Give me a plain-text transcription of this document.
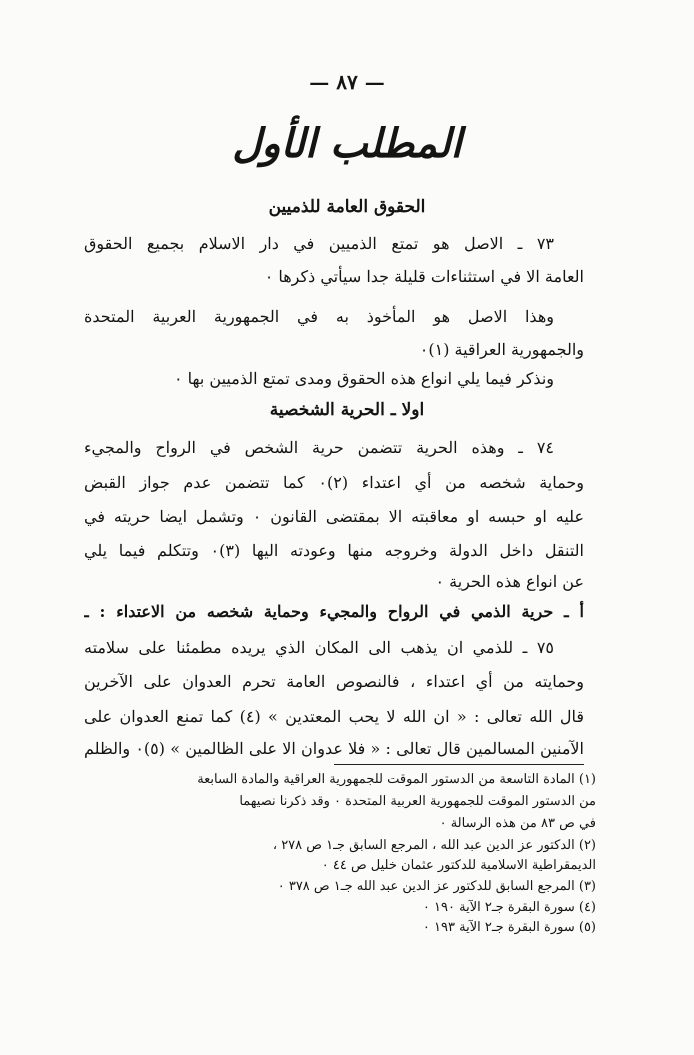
— ٨٧ —
المطلب الأول
الحقوق العامة للذميين
٧٣ ـ الاصل هو تمتع الذميين في دار الاسلام بجميع الحقوق
العامة الا في استثناءات قليلة جدا سيأتي ذكرها ٠
وهذا الاصل هو المأخوذ به في الجمهورية العربية المتحدة
والجمهورية العراقية (١)٠
ونذكر فيما يلي انواع هذه الحقوق ومدى تمتع الذميين بها ٠
اولا ـ الحرية الشخصية
٧٤ ـ وهذه الحرية تتضمن حرية الشخص في الرواح والمجيء
وحماية شخصه من أي اعتداء (٢)٠ كما تتضمن عدم جواز القبض
عليه او حبسه او معاقبته الا بمقتضى القانون ٠ وتشمل ايضا حريته في
التنقل داخل الدولة وخروجه منها وعودته اليها (٣)٠ وتتكلم فيما يلي
عن انواع هذه الحرية ٠
أ ـ حرية الذمي في الرواح والمجيء وحماية شخصه من الاعتداء : ـ
٧٥ ـ للذمي ان يذهب الى المكان الذي يريده مطمئنا على سلامته
وحمايته من أي اعتداء ، فالنصوص العامة تحرم العدوان على الآخرين
قال الله تعالى : « ان الله لا يحب المعتدين » (٤) كما تمنع العدوان على
الآمنين المسالمين قال تعالى : « فلا عدوان الا على الظالمين » (٥)٠ والظلم
(١) المادة التاسعة من الدستور الموقت للجمهورية العراقية والمادة السابعة
من الدستور الموقت للجمهورية العربية المتحدة ٠ وقد ذكرنا نصيهما
في ص ٨٣ من هذه الرسالة ٠
(٢) الدكتور عز الدين عبد الله ، المرجع السابق جـ١ ص ٢٧٨ ،
الديمقراطية الاسلامية للدكتور عثمان خليل ص ٤٤ ٠
(٣) المرجع السابق للدكتور عز الدين عبد الله جـ١ ص ٣٧٨ ٠
(٤) سورة البقرة جـ٢ الآية ١٩٠ ٠
(٥) سورة البقرة جـ٢ الآية ١٩٣ ٠
